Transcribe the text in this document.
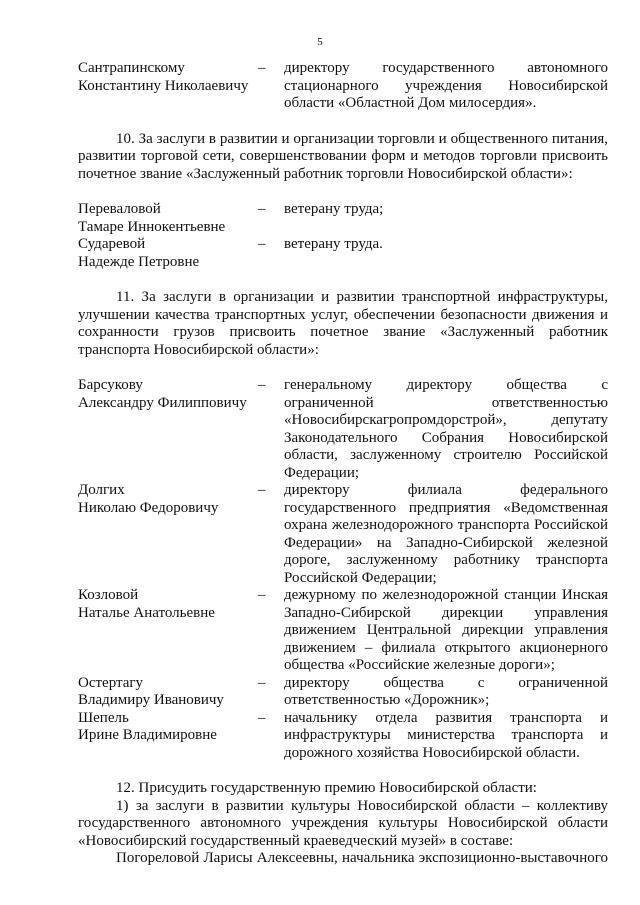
5
Сантрапинскому
Константину Николаевичу
–	директору государственного автономного стационарного учреждения Новосибирской области «Областной Дом милосердия».

10. За заслуги в развитии и организации торговли и общественного питания, развитии торговой сети, совершенствовании форм и методов торговли присвоить почетное звание «Заслуженный работник торговли Новосибирской области»:

Переваловой
Тамаре Иннокентьевне
–	ветерану труда;
Сударевой
Надежде Петровне
–	ветерану труда.

11. За заслуги в организации и развитии транспортной инфраструктуры, улучшении качества транспортных услуг, обеспечении безопасности движения и сохранности грузов присвоить почетное звание «Заслуженный работник транспорта Новосибирской области»:

Барсукову
Александру Филипповичу
–	генеральному директору общества с ограниченной ответственностью «Новосибирскагропромдорстрой», депутату Законодательного Собрания Новосибирской области, заслуженному строителю Российской Федерации;
Долгих
Николаю Федоровичу
–	директору филиала федерального государственного предприятия «Ведомственная охрана железнодорожного транспорта Российской Федерации» на Западно-Сибирской железной дороге, заслуженному работнику транспорта Российской Федерации;
Козловой
Наталье Анатольевне
–	дежурному по железнодорожной станции Инская Западно-Сибирской дирекции управления движением Центральной дирекции управления движением – филиала открытого акционерного общества «Российские железные дороги»;
Остертагу
Владимиру Ивановичу
–	директору общества с ограниченной ответственностью «Дорожник»;
Шепель
Ирине Владимировне
–	начальнику отдела развития транспорта и инфраструктуры министерства транспорта и дорожного хозяйства Новосибирской области.

12. Присудить государственную премию Новосибирской области:

1) за заслуги в развитии культуры Новосибирской области – коллективу государственного автономного учреждения культуры Новосибирской области «Новосибирский государственный краеведческий музей» в составе:

Погореловой Ларисы Алексеевны, начальника экспозиционно-выставочного
